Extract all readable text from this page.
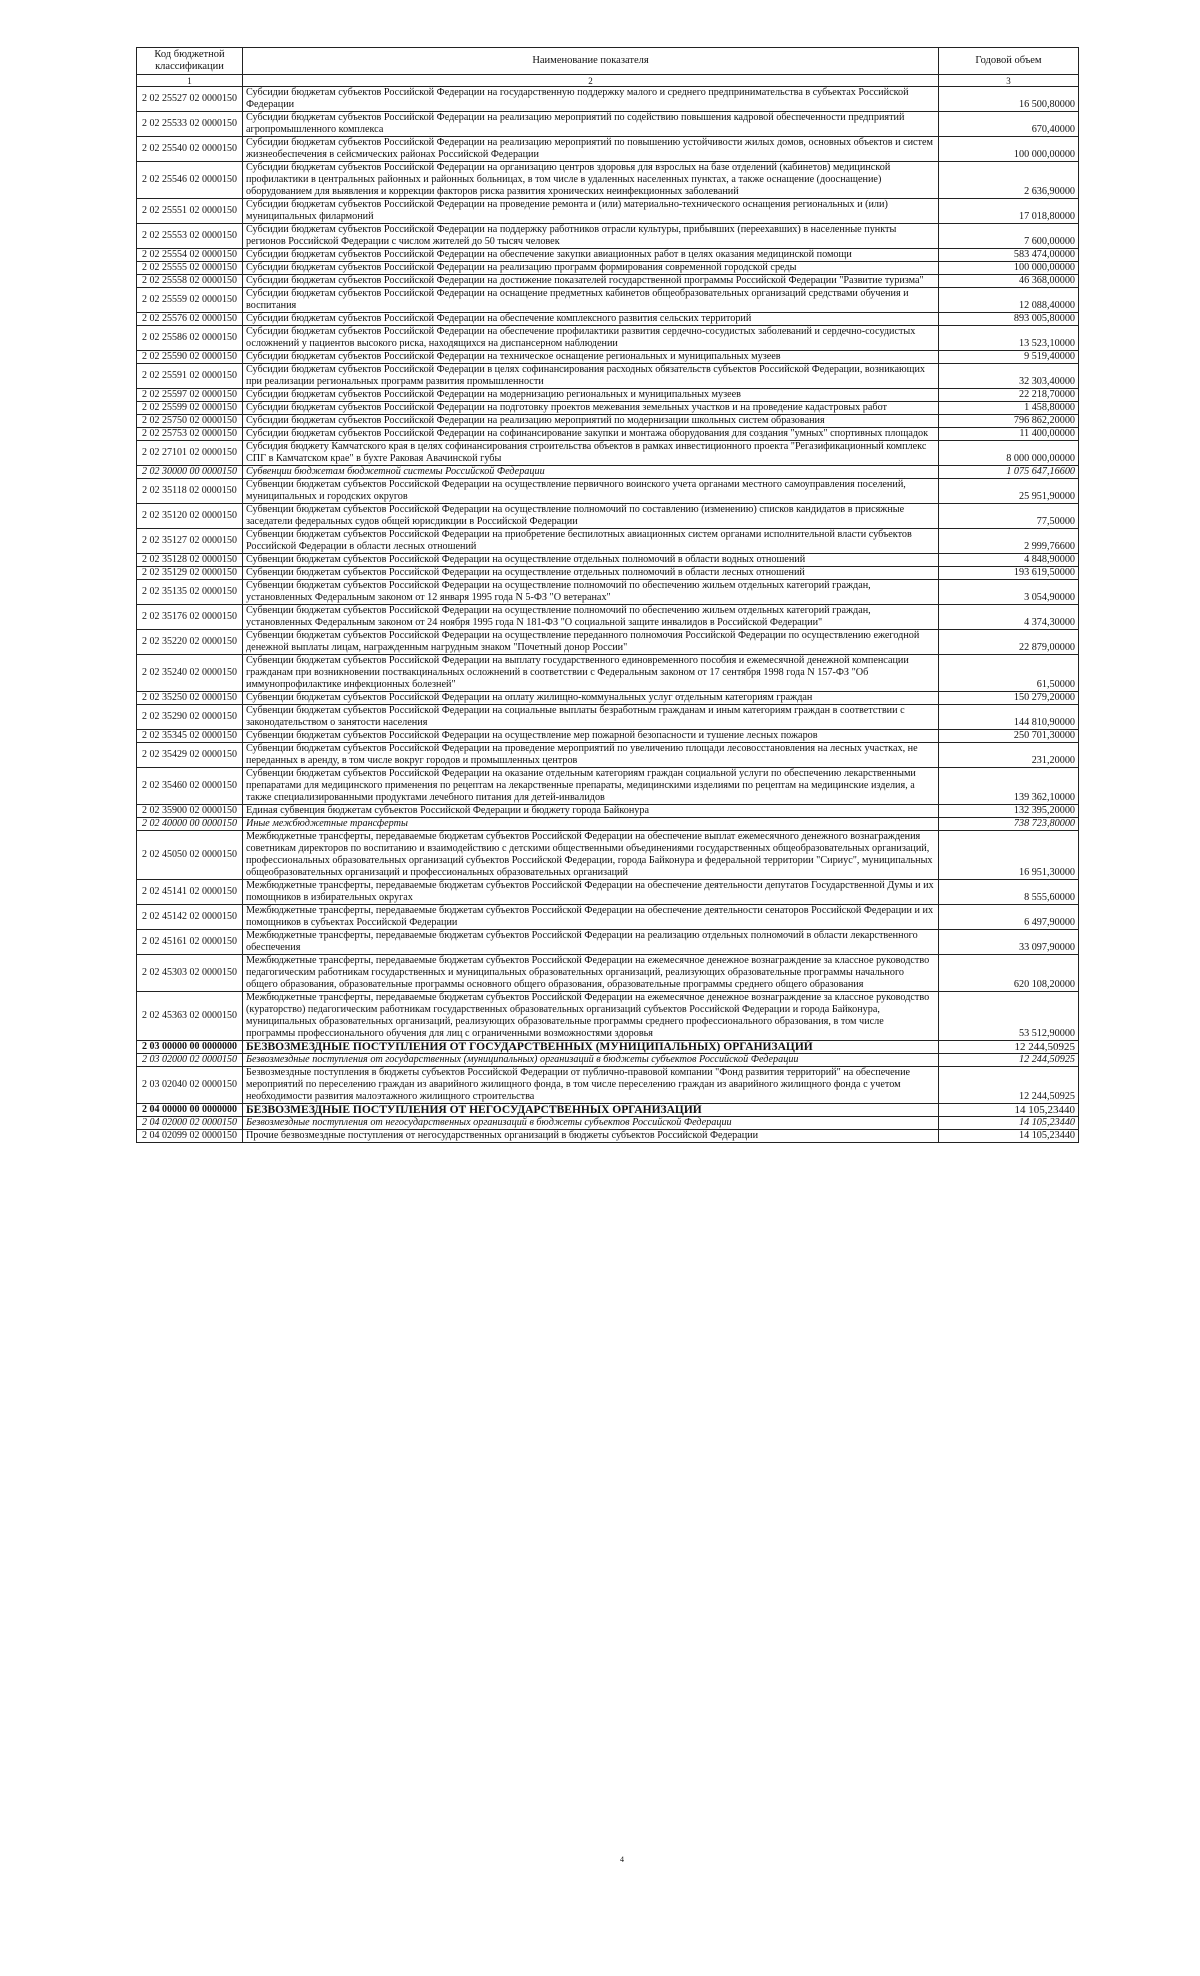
Код бюджетной классификации	Наименование показателя	Годовой объем
1	2	3
2 02 25527 02 0000150	Субсидии бюджетам субъектов Российской Федерации на государственную поддержку малого и среднего предпринимательства в субъектах Российской Федерации	16 500,80000
2 02 25533 02 0000150	Субсидии бюджетам субъектов Российской Федерации на реализацию мероприятий по содействию повышения кадровой обеспеченности предприятий агропромышленного комплекса	670,40000
2 02 25540 02 0000150	Субсидии бюджетам субъектов Российской Федерации на реализацию мероприятий по повышению устойчивости жилых домов, основных объектов и систем жизнеобеспечения в сейсмических районах Российской Федерации	100 000,00000
2 02 25546 02 0000150	Субсидии бюджетам субъектов Российской Федерации на организацию центров здоровья для взрослых на базе отделений (кабинетов) медицинской профилактики в центральных районных и районных больницах, в том числе в удаленных населенных пунктах, а также оснащение (дооснащение) оборудованием для выявления и коррекции факторов риска развития хронических неинфекционных заболеваний	2 636,90000
2 02 25551 02 0000150	Субсидии бюджетам субъектов Российской Федерации на проведение ремонта и (или) материально-технического оснащения региональных и (или) муниципальных филармоний	17 018,80000
2 02 25553 02 0000150	Субсидии бюджетам субъектов Российской Федерации на поддержку работников отрасли культуры, прибывших (переехавших) в населенные пункты регионов Российской Федерации с числом жителей до 50 тысяч человек	7 600,00000
2 02 25554 02 0000150	Субсидии бюджетам субъектов Российской Федерации на обеспечение закупки авиационных работ в целях оказания медицинской помощи	583 474,00000
2 02 25555 02 0000150	Субсидии бюджетам субъектов Российской Федерации на реализацию программ формирования современной городской среды	100 000,00000
2 02 25558 02 0000150	Субсидии бюджетам субъектов Российской Федерации на достижение показателей государственной программы Российской Федерации "Развитие туризма"	46 368,00000
2 02 25559 02 0000150	Субсидии бюджетам субъектов Российской Федерации на оснащение предметных кабинетов общеобразовательных организаций средствами обучения и воспитания	12 088,40000
2 02 25576 02 0000150	Субсидии бюджетам субъектов Российской Федерации на обеспечение комплексного развития сельских территорий	893 005,80000
2 02 25586 02 0000150	Субсидии бюджетам субъектов Российской Федерации на обеспечение профилактики развития сердечно-сосудистых заболеваний и сердечно-сосудистых осложнений у пациентов высокого риска, находящихся на диспансерном наблюдении	13 523,10000
2 02 25590 02 0000150	Субсидии бюджетам субъектов Российской Федерации на техническое оснащение региональных и муниципальных музеев	9 519,40000
2 02 25591 02 0000150	Субсидии бюджетам субъектов Российской Федерации в целях софинансирования расходных обязательств субъектов Российской Федерации, возникающих при реализации региональных программ развития промышленности	32 303,40000
2 02 25597 02 0000150	Субсидии бюджетам субъектов Российской Федерации на модернизацию региональных и муниципальных музеев	22 218,70000
2 02 25599 02 0000150	Субсидии бюджетам субъектов Российской Федерации на подготовку проектов межевания земельных участков и на проведение кадастровых работ	1 458,80000
2 02 25750 02 0000150	Субсидии бюджетам субъектов Российской Федерации на реализацию мероприятий по модернизации школьных систем образования	796 862,20000
2 02 25753 02 0000150	Субсидии бюджетам субъектов Российской Федерации на софинансирование закупки и монтажа оборудования для создания "умных" спортивных площадок	11 400,00000
2 02 27101 02 0000150	Субсидия бюджету Камчатского края в целях софинансирования строительства объектов в рамках инвестиционного проекта "Регазификационный комплекс СПГ в Камчатском крае" в бухте Раковая Авачинской губы	8 000 000,00000
2 02 30000 00 0000150	Субвенции бюджетам бюджетной системы Российской Федерации	1 075 647,16600
2 02 35118 02 0000150	Субвенции бюджетам субъектов Российской Федерации на осуществление первичного воинского учета органами местного самоуправления поселений, муниципальных и городских округов	25 951,90000
2 02 35120 02 0000150	Субвенции бюджетам субъектов Российской Федерации на осуществление полномочий по составлению (изменению) списков кандидатов в присяжные заседатели федеральных судов общей юрисдикции в Российской Федерации	77,50000
2 02 35127 02 0000150	Субвенции бюджетам субъектов Российской Федерации на приобретение беспилотных авиационных систем органами исполнительной власти субъектов Российской Федерации в области лесных отношений	2 999,76600
2 02 35128 02 0000150	Субвенции бюджетам субъектов Российской Федерации на осуществление отдельных полномочий в области водных отношений	4 848,90000
2 02 35129 02 0000150	Субвенции бюджетам субъектов Российской Федерации на осуществление отдельных полномочий в области лесных отношений	193 619,50000
2 02 35135 02 0000150	Субвенции бюджетам субъектов Российской Федерации на осуществление полномочий по обеспечению жильем отдельных категорий граждан, установленных Федеральным законом от 12 января 1995 года N 5-ФЗ "О ветеранах"	3 054,90000
2 02 35176 02 0000150	Субвенции бюджетам субъектов Российской Федерации на осуществление полномочий по обеспечению жильем отдельных категорий граждан, установленных Федеральным законом от 24 ноября 1995 года N 181-ФЗ "О социальной защите инвалидов в Российской Федерации"	4 374,30000
2 02 35220 02 0000150	Субвенции бюджетам субъектов Российской Федерации на осуществление переданного полномочия Российской Федерации по осуществлению ежегодной денежной выплаты лицам, награжденным нагрудным знаком "Почетный донор России"	22 879,00000
2 02 35240 02 0000150	Субвенции бюджетам субъектов Российской Федерации на выплату государственного единовременного пособия и ежемесячной денежной компенсации гражданам при возникновении поствакцинальных осложнений в соответствии с Федеральным законом от 17 сентября 1998 года N 157-ФЗ "Об иммунопрофилактике инфекционных болезней"	61,50000
2 02 35250 02 0000150	Субвенции бюджетам субъектов Российской Федерации на оплату жилищно-коммунальных услуг отдельным категориям граждан	150 279,20000
2 02 35290 02 0000150	Субвенции бюджетам субъектов Российской Федерации на социальные выплаты безработным гражданам и иным категориям граждан в соответствии с законодательством о занятости населения	144 810,90000
2 02 35345 02 0000150	Субвенции бюджетам субъектов Российской Федерации на осуществление мер пожарной безопасности и тушение лесных пожаров	250 701,30000
2 02 35429 02 0000150	Субвенции бюджетам субъектов Российской Федерации на проведение мероприятий по увеличению площади лесовосстановления на лесных участках, не переданных в аренду, в том числе вокруг городов и промышленных центров	231,20000
2 02 35460 02 0000150	Субвенции бюджетам субъектов Российской Федерации на оказание отдельным категориям граждан социальной услуги по обеспечению лекарственными препаратами для медицинского применения по рецептам на лекарственные препараты, медицинскими изделиями по рецептам на медицинские изделия, а также специализированными продуктами лечебного питания для детей-инвалидов	139 362,10000
2 02 35900 02 0000150	Единая субвенция бюджетам субъектов Российской Федерации и бюджету города Байконура	132 395,20000
2 02 40000 00 0000150	Иные межбюджетные трансферты	738 723,80000
2 02 45050 02 0000150	Межбюджетные трансферты, передаваемые бюджетам субъектов Российской Федерации на обеспечение выплат ежемесячного денежного вознаграждения советникам директоров по воспитанию и взаимодействию с детскими общественными объединениями государственных общеобразовательных организаций, профессиональных образовательных организаций субъектов Российской Федерации, города Байконура и федеральной территории "Сириус", муниципальных общеобразовательных организаций и профессиональных образовательных организаций	16 951,30000
2 02 45141 02 0000150	Межбюджетные трансферты, передаваемые бюджетам субъектов Российской Федерации на обеспечение деятельности депутатов Государственной Думы и их помощников в избирательных округах	8 555,60000
2 02 45142 02 0000150	Межбюджетные трансферты, передаваемые бюджетам субъектов Российской Федерации на обеспечение деятельности сенаторов Российской Федерации и их помощников в субъектах Российской Федерации	6 497,90000
2 02 45161 02 0000150	Межбюджетные трансферты, передаваемые бюджетам субъектов Российской Федерации на реализацию отдельных полномочий в области лекарственного обеспечения	33 097,90000
2 02 45303 02 0000150	Межбюджетные трансферты, передаваемые бюджетам субъектов Российской Федерации на ежемесячное денежное вознаграждение за классное руководство педагогическим работникам государственных и муниципальных образовательных организаций, реализующих образовательные программы начального общего образования, образовательные программы основного общего образования, образовательные программы среднего общего образования	620 108,20000
2 02 45363 02 0000150	Межбюджетные трансферты, передаваемые бюджетам субъектов Российской Федерации на ежемесячное денежное вознаграждение за классное руководство (кураторство) педагогическим работникам государственных образовательных организаций субъектов Российской Федерации и города Байконура, муниципальных образовательных организаций, реализующих образовательные программы среднего профессионального образования, в том числе программы профессионального обучения для лиц с ограниченными возможностями здоровья	53 512,90000
2 03 00000 00 0000000	БЕЗВОЗМЕЗДНЫЕ ПОСТУПЛЕНИЯ ОТ ГОСУДАРСТВЕННЫХ (МУНИЦИПАЛЬНЫХ) ОРГАНИЗАЦИЙ	12 244,50925
2 03 02000 02 0000150	Безвозмездные поступления от государственных (муниципальных) организаций в бюджеты субъектов Российской Федерации	12 244,50925
2 03 02040 02 0000150	Безвозмездные поступления в бюджеты субъектов Российской Федерации от публично-правовой компании "Фонд развития территорий" на обеспечение мероприятий по переселению граждан из аварийного жилищного фонда, в том числе переселению граждан из аварийного жилищного фонда с учетом необходимости развития малоэтажного жилищного строительства	12 244,50925
2 04 00000 00 0000000	БЕЗВОЗМЕЗДНЫЕ ПОСТУПЛЕНИЯ ОТ НЕГОСУДАРСТВЕННЫХ ОРГАНИЗАЦИЙ	14 105,23440
2 04 02000 02 0000150	Безвозмездные поступления от негосударственных организаций в бюджеты субъектов Российской Федерации	14 105,23440
2 04 02099 02 0000150	Прочие безвозмездные поступления от негосударственных организаций в бюджеты субъектов Российской Федерации	14 105,23440
4
